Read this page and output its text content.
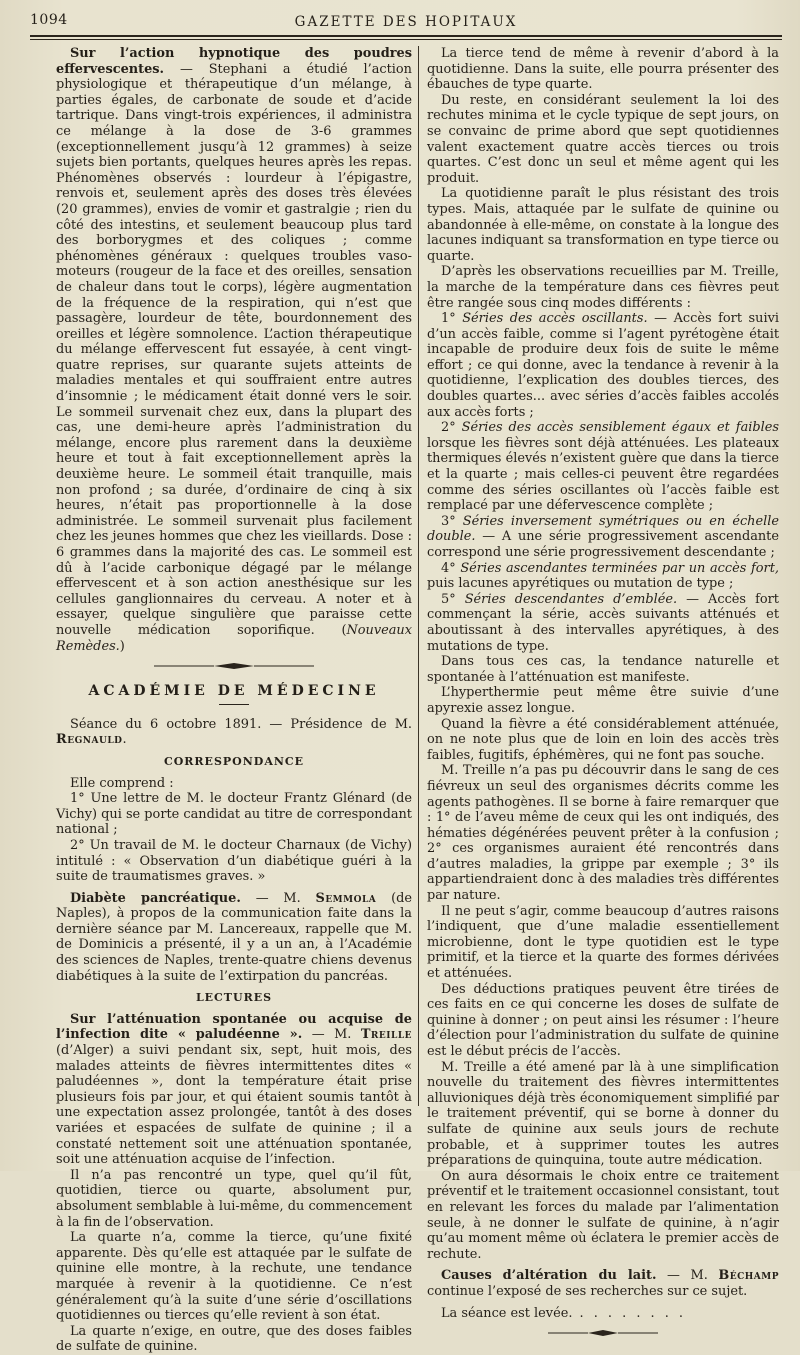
1094	GAZETTE DES HOPITAUX

Sur l’action hypnotique des poudres effervescentes. — Stephani a étudié l’action physiologique et thérapeutique d’un mélange, à parties égales, de carbonate de soude et d’acide tartrique. Dans vingt-trois expériences, il administra ce mélange à la dose de 3-6 grammes (exceptionnellement jusqu’à 12 grammes) à seize sujets bien portants, quelques heures après les repas. Phénomènes observés : lourdeur à l’épigastre, renvois et, seulement après des doses très élevées (20 grammes), envies de vomir et gastralgie ; rien du côté des intestins, et seulement beaucoup plus tard des borborygmes et des coliques ; comme phénomènes généraux : quelques troubles vaso-moteurs (rougeur de la face et des oreilles, sensation de chaleur dans tout le corps), légère augmentation de la fréquence de la respiration, qui n’est que passagère, lourdeur de tête, bourdonnement des oreilles et légère somnolence. L’action thérapeutique du mélange effervescent fut essayée, à cent vingt-quatre reprises, sur quarante sujets atteints de maladies mentales et qui souffraient entre autres d’insomnie ; le médicament était donné vers le soir. Le sommeil survenait chez eux, dans la plupart des cas, une demi-heure après l’administration du mélange, encore plus rarement dans la deuxième heure et tout à fait exceptionnellement après la deuxième heure. Le sommeil était tranquille, mais non profond ; sa durée, d’ordinaire de cinq à six heures, n’était pas proportionnelle à la dose administrée. Le sommeil survenait plus facilement chez les jeunes hommes que chez les vieillards. Dose : 6 grammes dans la majorité des cas. Le sommeil est dû à l’acide carbonique dégagé par le mélange effervescent et à son action anesthésique sur les cellules ganglionnaires du cerveau. A noter et à essayer, quelque singulière que paraisse cette nouvelle médication soporifique. (Nouveaux Remèdes.)

ACADÉMIE DE MÉDECINE

Séance du 6 octobre 1891. — Présidence de M. Regnauld.

CORRESPONDANCE

Elle comprend :

1° Une lettre de M. le docteur Frantz Glénard (de Vichy) qui se porte candidat au titre de correspondant national ;

2° Un travail de M. le docteur Charnaux (de Vichy) intitulé : « Observation d’un diabétique guéri à la suite de traumatismes graves. »

Diabète pancréatique. — M. Semmola (de Naples), à propos de la communication faite dans la dernière séance par M. Lancereaux, rappelle que M. de Dominicis a présenté, il y a un an, à l’Académie des sciences de Naples, trente-quatre chiens devenus diabétiques à la suite de l’extirpation du pancréas.

LECTURES

Sur l’atténuation spontanée ou acquise de l’infection dite « paludéenne ». — M. Treille (d’Alger) a suivi pendant six, sept, huit mois, des malades atteints de fièvres intermittentes dites « paludéennes », dont la température était prise plusieurs fois par jour, et qui étaient soumis tantôt à une expectation assez prolongée, tantôt à des doses variées et espacées de sulfate de quinine ; il a constaté nettement soit une atténuation spontanée, soit une atténuation acquise de l’infection.

Il n’a pas rencontré un type, quel qu’il fût, quotidien, tierce ou quarte, absolument pur, absolument semblable à lui-même, du commencement à la fin de l’observation.

La quarte n’a, comme la tierce, qu’une fixité apparente. Dès qu’elle est attaquée par le sulfate de quinine elle montre, à la rechute, une tendance marquée à revenir à la quotidienne. Ce n’est généralement qu’à la suite d’une série d’oscillations quotidiennes ou tierces qu’elle revient à son état.

La quarte n’exige, en outre, que des doses faibles de sulfate de quinine.

La tierce tend de même à revenir d’abord à la quotidienne. Dans la suite, elle pourra présenter des ébauches de type quarte.

Du reste, en considérant seulement la loi des rechutes minima et le cycle typique de sept jours, on se convainc de prime abord que sept quotidiennes valent exactement quatre accès tierces ou trois quartes. C’est donc un seul et même agent qui les produit.

La quotidienne paraît le plus résistant des trois types. Mais, attaquée par le sulfate de quinine ou abandonnée à elle-même, on constate à la longue des lacunes indiquant sa transformation en type tierce ou quarte.

D’après les observations recueillies par M. Treille, la marche de la température dans ces fièvres peut être rangée sous cinq modes différents :

1° Séries des accès oscillants. — Accès fort suivi d’un accès faible, comme si l’agent pyrétogène était incapable de produire deux fois de suite le même effort ; ce qui donne, avec la tendance à revenir à la quotidienne, l’explication des doubles tierces, des doubles quartes... avec séries d’accès faibles accolés aux accès forts ;

2° Séries des accès sensiblement égaux et faibles lorsque les fièvres sont déjà atténuées. Les plateaux thermiques élevés n’existent guère que dans la tierce et la quarte ; mais celles-ci peuvent être regardées comme des séries oscillantes où l’accès faible est remplacé par une défervescence complète ;

3° Séries inversement symétriques ou en échelle double. — A une série progressivement ascendante correspond une série progressivement descendante ;

4° Séries ascendantes terminées par un accès fort, puis lacunes apyrétiques ou mutation de type ;

5° Séries descendantes d’emblée. — Accès fort commençant la série, accès suivants atténués et aboutissant à des intervalles apyrétiques, à des mutations de type.

Dans tous ces cas, la tendance naturelle et spontanée à l’atténuation est manifeste.

L’hyperthermie peut même être suivie d’une apyrexie assez longue.

Quand la fièvre a été considérablement atténuée, on ne note plus que de loin en loin des accès très faibles, fugitifs, éphémères, qui ne font pas souche.

M. Treille n’a pas pu découvrir dans le sang de ces fiévreux un seul des organismes décrits comme les agents pathogènes. Il se borne à faire remarquer que : 1° de l’aveu même de ceux qui les ont indiqués, des hématies dégénérées peuvent prêter à la confusion ; 2° ces organismes auraient été rencontrés dans d’autres maladies, la grippe par exemple ; 3° ils appartiendraient donc à des maladies très différentes par nature.

Il ne peut s’agir, comme beaucoup d’autres raisons l’indiquent, que d’une maladie essentiellement microbienne, dont le type quotidien est le type primitif, et la tierce et la quarte des formes dérivées et atténuées.

Des déductions pratiques peuvent être tirées de ces faits en ce qui concerne les doses de sulfate de quinine à donner ; on peut ainsi les résumer : l’heure d’élection pour l’administration du sulfate de quinine est le début précis de l’accès.

M. Treille a été amené par là à une simplification nouvelle du traitement des fièvres intermittentes alluvioniques déjà très économiquement simplifié par le traitement préventif, qui se borne à donner du sulfate de quinine aux seuls jours de rechute probable, et à supprimer toutes les autres préparations de quinquina, toute autre médication.

On aura désormais le choix entre ce traitement préventif et le traitement occasionnel consistant, tout en relevant les forces du malade par l’alimentation seule, à ne donner le sulfate de quinine, à n’agir qu’au moment même où éclatera le premier accès de rechute.

Causes d’altération du lait. — M. Béchamp continue l’exposé de ses recherches sur ce sujet.

La séance est levée. . . . . . . . .
